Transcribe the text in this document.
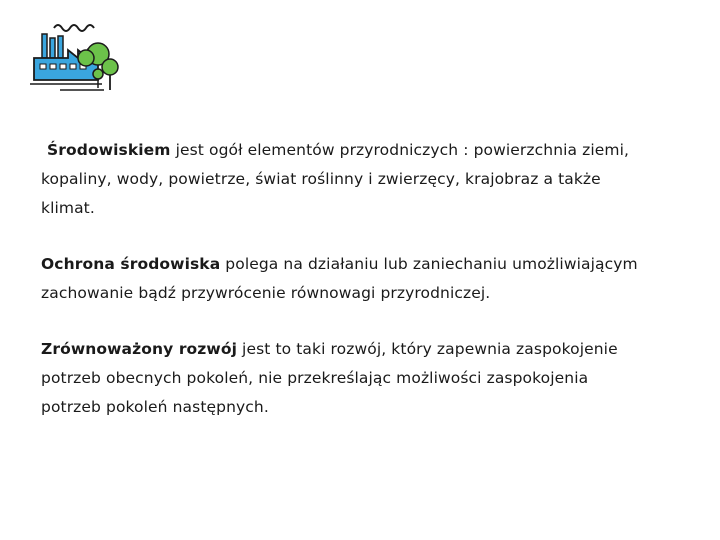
Środowiskiem jest ogół elementów przyrodniczych : powierzchnia ziemi, kopaliny, wody, powietrze, świat roślinny i zwierzęcy, krajobraz a także klimat.

Ochrona środowiska polega na działaniu lub zaniechaniu umożliwiającym zachowanie bądź przywrócenie równowagi przyrodniczej.

Zrównoważony rozwój jest to taki rozwój, który zapewnia zaspokojenie potrzeb obecnych pokoleń, nie przekreślając możliwości zaspokojenia potrzeb pokoleń następnych.
